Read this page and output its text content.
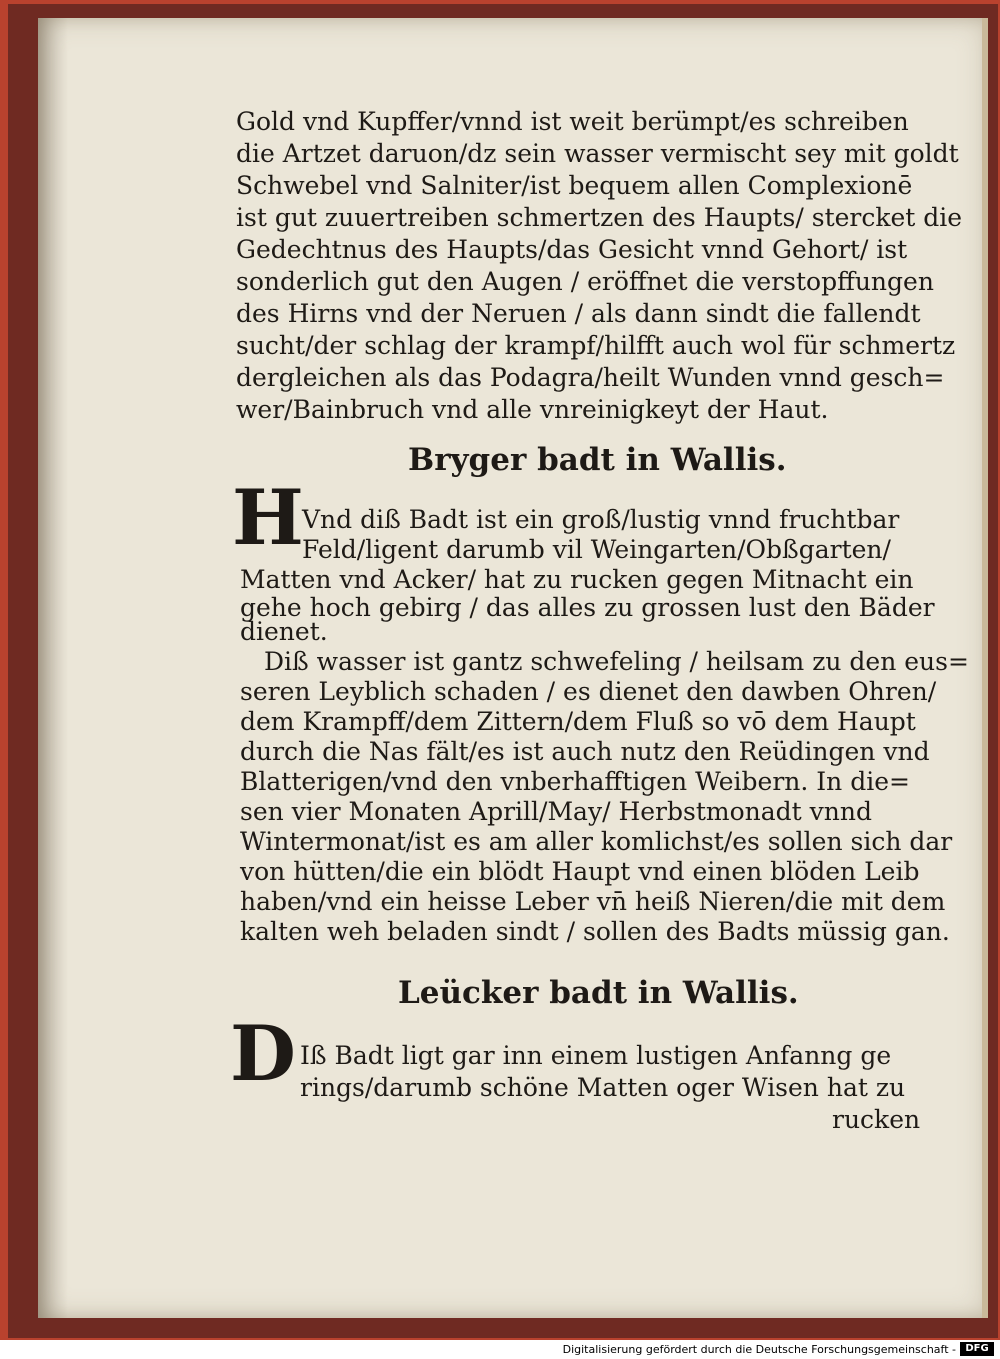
Gold vnd Kupffer/vnnd ist weit berümpt/es schreiben
die Artzet daruon/dz sein wasser vermischt sey mit goldt
Schwebel vnd Salniter/ist bequem allen Complexionē
ist gut zuuertreiben schmertzen des Haupts/ stercket die
Gedechtnus des Haupts/das Gesicht vnnd Gehort/ ist
sonderlich gut den Augen / eröffnet die verstopffungen
des Hirns vnd der Neruen / als dann sindt die fallendt
sucht/der schlag der krampf/hilfft auch wol für schmertz
dergleichen als das Podagra/heilt Wunden vnnd gesch=
wer/Bainbruch vnd alle vnreinigkeyt der Haut.
Bryger badt in Wallis.
H
Vnd diß Badt ist ein groß/lustig vnnd fruchtbar
Feld/ligent darumb vil Weingarten/Obßgarten/
Matten vnd Acker/ hat zu rucken gegen Mitnacht ein
gehe hoch gebirg / das alles zu grossen lust den Bäder
dienet.
Diß wasser ist gantz schwefeling / heilsam zu den eus=
seren Leyblich schaden / es dienet den dawben Ohren/
dem Krampff/dem Zittern/dem Fluß so vō dem Haupt
durch die Nas fält/es ist auch nutz den Reüdingen vnd
Blatterigen/vnd den vnberhafftigen Weibern. In die=
sen vier Monaten Aprill/May/ Herbstmonadt vnnd
Wintermonat/ist es am aller komlichst/es sollen sich dar
von hütten/die ein blödt Haupt vnd einen blöden Leib
haben/vnd ein heisse Leber vn̄ heiß Nieren/die mit dem
kalten weh beladen sindt / sollen des Badts müssig gan.
Leücker badt in Wallis.
D Iß Badt ligt gar inn einem lustigen Anfanng ge
rings/darumb schöne Matten oger Wisen hat zu
rucken
Digitalisierung gefördert durch die Deutsche Forschungsgemeinschaft - DFG
